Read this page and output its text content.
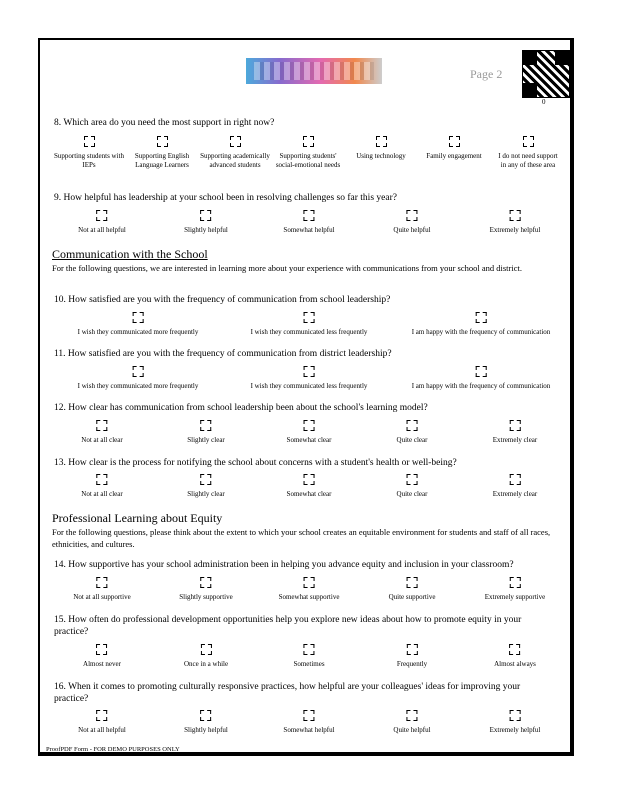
Page 2
0
8. Which area do you need the most support in right now?
Supporting students with IEPs
Supporting English Language Learners
Supporting academically advanced students
Supporting students' social-emotional needs
Using technology	Family engagement	I do not need support in any of these area
9. How helpful has leadership at your school been in resolving challenges so far this year?
Not at all helpful	Slightly helpful	Somewhat helpful	Quite helpful	Extremely helpful
Communication with the School
For the following questions, we are interested in learning more about your experience with communications from your school and district.
10. How satisfied are you with the frequency of communication from school leadership?
I wish they communicated more frequently	I wish they communicated less frequently	I am happy with the frequency of communication
11. How satisfied are you with the frequency of communication from district leadership?
I wish they communicated more frequently	I wish they communicated less frequently	I am happy with the frequency of communication
12. How clear has communication from school leadership been about the school's learning model?
Not at all clear	Slightly clear	Somewhat clear	Quite clear	Extremely clear
13. How clear is the process for notifying the school about concerns with a student's health or well-being?
Not at all clear	Slightly clear	Somewhat clear	Quite clear	Extremely clear
Professional Learning about Equity
For the following questions, please think about the extent to which your school creates an equitable environment for students and staff of all races, ethnicities, and cultures.
14. How supportive has your school administration been in helping you advance equity and inclusion in your classroom?
Not at all supportive	Slightly supportive	Somewhat supportive	Quite supportive	Extremely supportive
15. How often do professional development opportunities help you explore new ideas about how to promote equity in your practice?
Almost never	Once in a while	Sometimes	Frequently	Almost always
16. When it comes to promoting culturally responsive practices, how helpful are your colleagues' ideas for improving your practice?
Not at all helpful	Slightly helpful	Somewhat helpful	Quite helpful	Extremely helpful
ProofPDF Form - FOR DEMO PURPOSES ONLY
